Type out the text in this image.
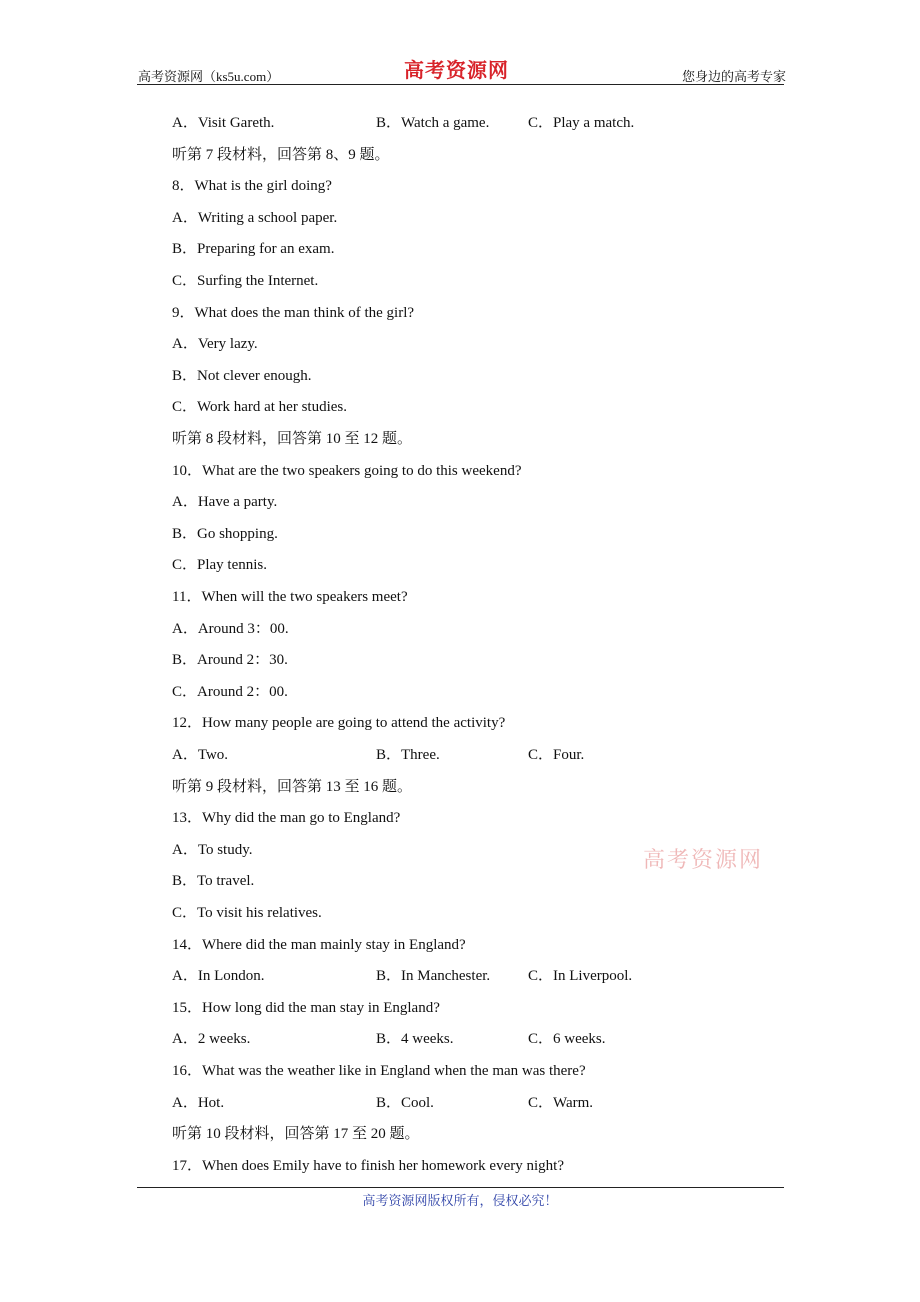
高考资源网（ks5u.com）	高考资源网	您身边的高考专家
A．Visit Gareth.	B．Watch a game.	C．Play a match.
听第 7 段材料，回答第 8、9 题。
8．What is the girl doing?
A．Writing a school paper.
B．Preparing for an exam.
C．Surfing the Internet.
9．What does the man think of the girl?
A．Very lazy.
B．Not clever enough.
C．Work hard at her studies.
听第 8 段材料，回答第 10 至 12 题。
10．What are the two speakers going to do this weekend?
A．Have a party.
B．Go shopping.
C．Play tennis.
11．When will the two speakers meet?
A．Around 3：00.
B．Around 2：30.
C．Around 2：00.
12．How many people are going to attend the activity?
A．Two.	B．Three.	C．Four.
听第 9 段材料，回答第 13 至 16 题。
13．Why did the man go to England?
A．To study.
B．To travel.
C．To visit his relatives.
14．Where did the man mainly stay in England?
A．In London.	B．In Manchester.	C．In Liverpool.
15．How long did the man stay in England?
A．2 weeks.	B．4 weeks.	C．6 weeks.
16．What was the weather like in England when the man was there?
A．Hot.	B．Cool.	C．Warm.
听第 10 段材料，回答第 17 至 20 题。
17．When does Emily have to finish her homework every night?
高考资源网
高考资源网版权所有，侵权必究！
